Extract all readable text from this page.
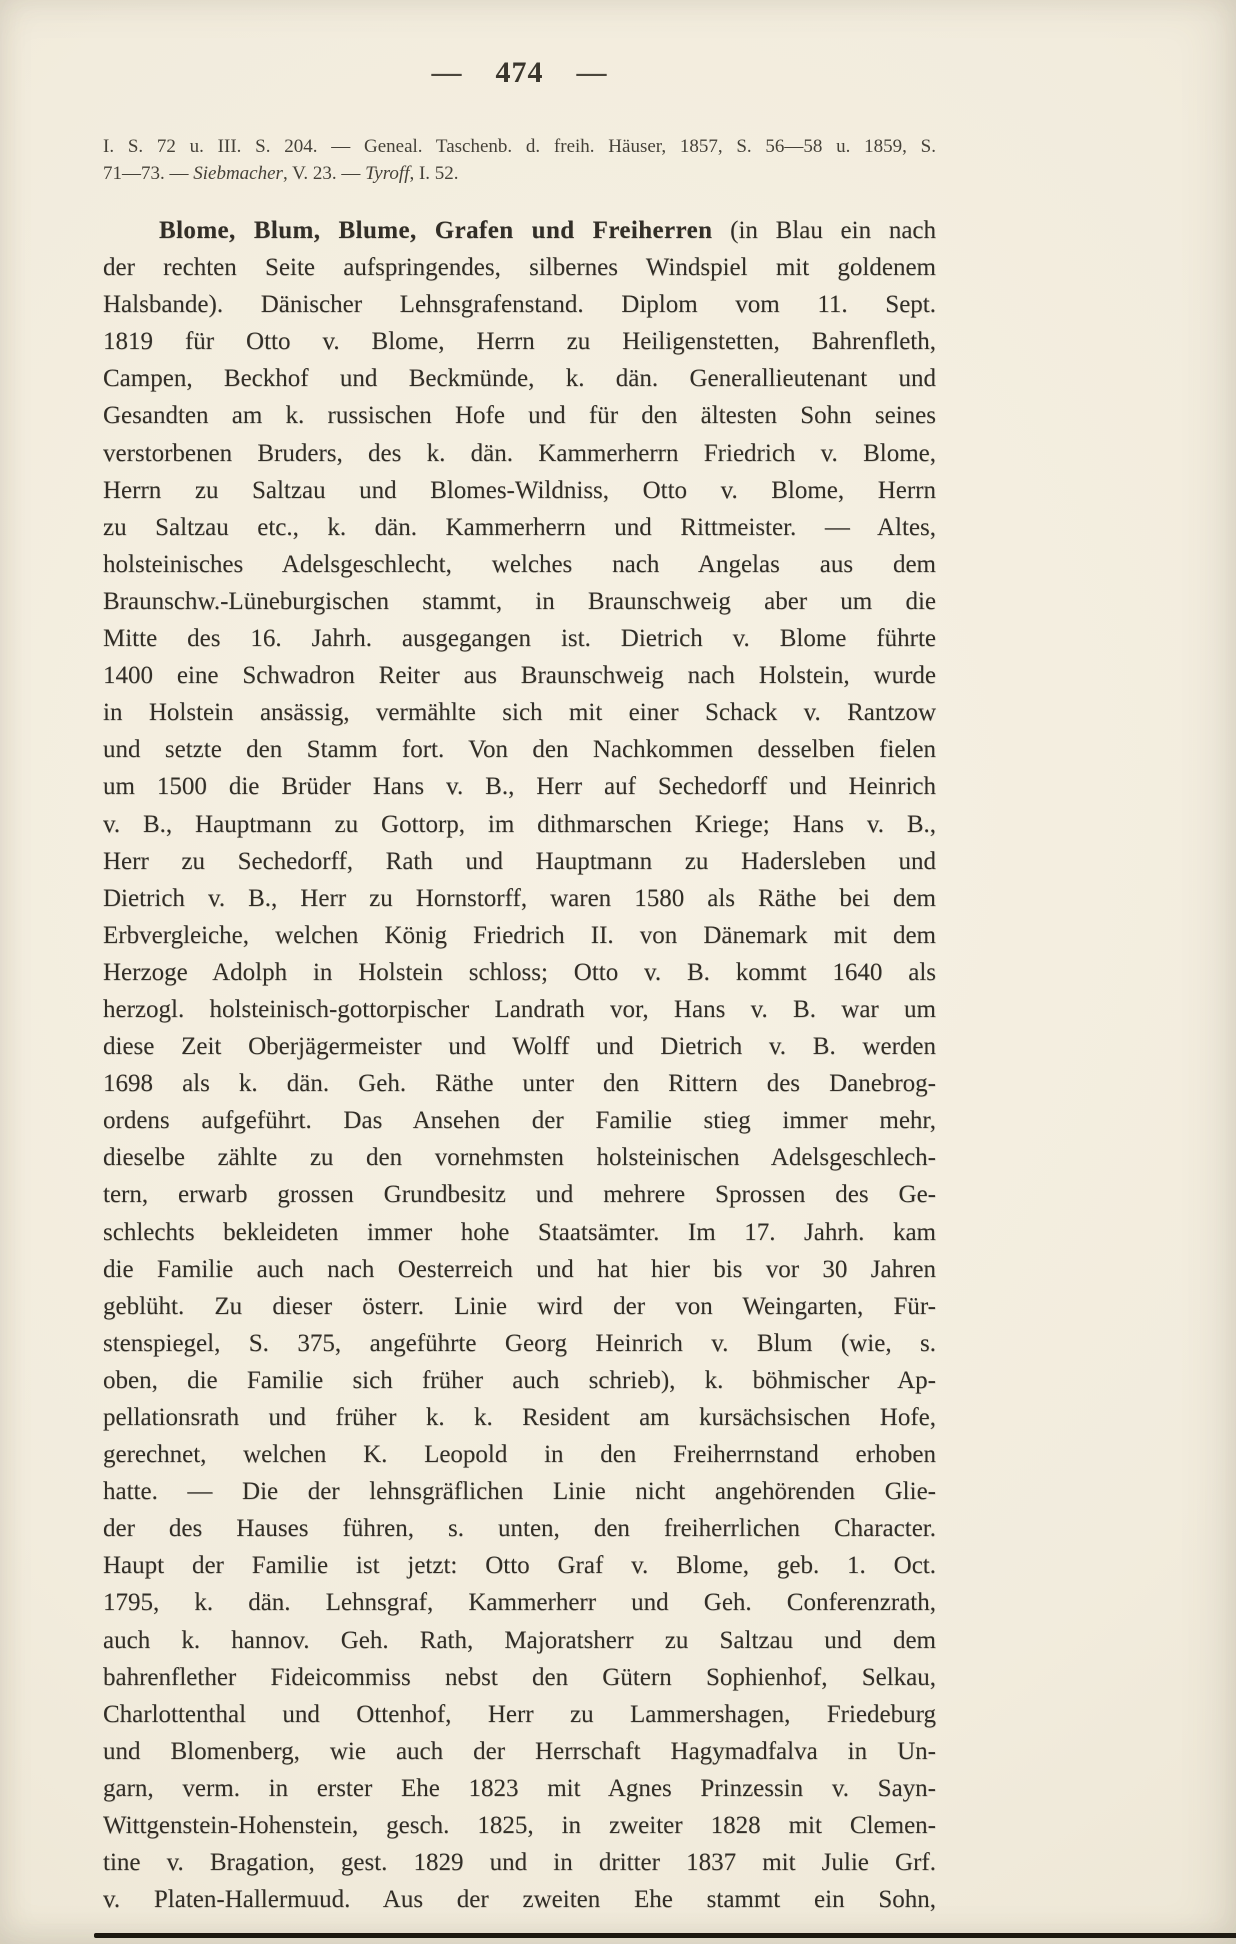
— 474 —
I. S. 72 u. III. S. 204. — Geneal. Taschenb. d. freih. Häuser, 1857, S. 56—58 u. 1859, S.
71—73. — Siebmacher, V. 23. — Tyroff, I. 52.
Blome, Blum, Blume, Grafen und Freiherren (in Blau ein nach
der rechten Seite aufspringendes, silbernes Windspiel mit goldenem
Halsbande). Dänischer Lehnsgrafenstand. Diplom vom 11. Sept.
1819 für Otto v. Blome, Herrn zu Heiligenstetten, Bahrenfleth,
Campen, Beckhof und Beckmünde, k. dän. Generallieutenant und
Gesandten am k. russischen Hofe und für den ältesten Sohn seines
verstorbenen Bruders, des k. dän. Kammerherrn Friedrich v. Blome,
Herrn zu Saltzau und Blomes-Wildniss, Otto v. Blome, Herrn
zu Saltzau etc., k. dän. Kammerherrn und Rittmeister. — Altes,
holsteinisches Adelsgeschlecht, welches nach Angelas aus dem
Braunschw.-Lüneburgischen stammt, in Braunschweig aber um die
Mitte des 16. Jahrh. ausgegangen ist. Dietrich v. Blome führte
1400 eine Schwadron Reiter aus Braunschweig nach Holstein, wurde
in Holstein ansässig, vermählte sich mit einer Schack v. Rantzow
und setzte den Stamm fort. Von den Nachkommen desselben fielen
um 1500 die Brüder Hans v. B., Herr auf Sechedorff und Heinrich
v. B., Hauptmann zu Gottorp, im dithmarschen Kriege; Hans v. B.,
Herr zu Sechedorff, Rath und Hauptmann zu Hadersleben und
Dietrich v. B., Herr zu Hornstorff, waren 1580 als Räthe bei dem
Erbvergleiche, welchen König Friedrich II. von Dänemark mit dem
Herzoge Adolph in Holstein schloss; Otto v. B. kommt 1640 als
herzogl. holsteinisch-gottorpischer Landrath vor, Hans v. B. war um
diese Zeit Oberjägermeister und Wolff und Dietrich v. B. werden
1698 als k. dän. Geh. Räthe unter den Rittern des Danebrog-
ordens aufgeführt. Das Ansehen der Familie stieg immer mehr,
dieselbe zählte zu den vornehmsten holsteinischen Adelsgeschlech-
tern, erwarb grossen Grundbesitz und mehrere Sprossen des Ge-
schlechts bekleideten immer hohe Staatsämter. Im 17. Jahrh. kam
die Familie auch nach Oesterreich und hat hier bis vor 30 Jahren
geblüht. Zu dieser österr. Linie wird der von Weingarten, Für-
stenspiegel, S. 375, angeführte Georg Heinrich v. Blum (wie, s.
oben, die Familie sich früher auch schrieb), k. böhmischer Ap-
pellationsrath und früher k. k. Resident am kursächsischen Hofe,
gerechnet, welchen K. Leopold in den Freiherrnstand erhoben
hatte. — Die der lehnsgräflichen Linie nicht angehörenden Glie-
der des Hauses führen, s. unten, den freiherrlichen Character.
Haupt der Familie ist jetzt: Otto Graf v. Blome, geb. 1. Oct.
1795, k. dän. Lehnsgraf, Kammerherr und Geh. Conferenzrath,
auch k. hannov. Geh. Rath, Majoratsherr zu Saltzau und dem
bahrenflether Fideicommiss nebst den Gütern Sophienhof, Selkau,
Charlottenthal und Ottenhof, Herr zu Lammershagen, Friedeburg
und Blomenberg, wie auch der Herrschaft Hagymadfalva in Un-
garn, verm. in erster Ehe 1823 mit Agnes Prinzessin v. Sayn-
Wittgenstein-Hohenstein, gesch. 1825, in zweiter 1828 mit Clemen-
tine v. Bragation, gest. 1829 und in dritter 1837 mit Julie Grf.
v. Platen-Hallermuud. Aus der zweiten Ehe stammt ein Sohn,
